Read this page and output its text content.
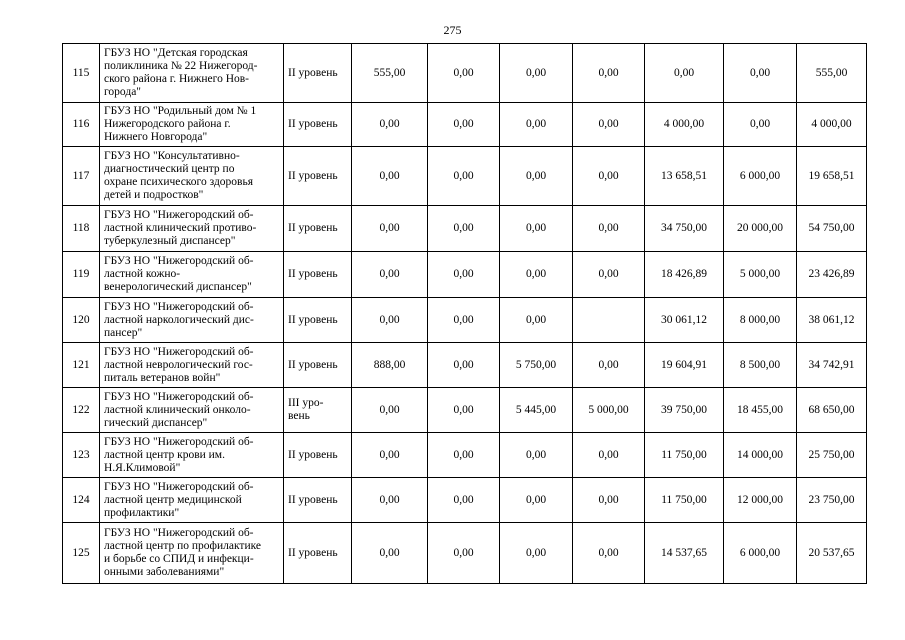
275
115	ГБУЗ НО "Детская городская
поликлиника № 22 Нижегород-
ского района г. Нижнего Нов-
города"	II уровень	555,00	0,00	0,00	0,00	0,00	0,00	555,00
116	ГБУЗ НО "Родильный дом № 1
Нижегородского района г.
Нижнего Новгорода"	II уровень	0,00	0,00	0,00	0,00	4 000,00	0,00	4 000,00
117	ГБУЗ НО "Консультативно-
диагностический центр по
охране психического здоровья
детей и подростков"	II уровень	0,00	0,00	0,00	0,00	13 658,51	6 000,00	19 658,51
118	ГБУЗ НО "Нижегородский об-
ластной клинический противо-
туберкулезный диспансер"	II уровень	0,00	0,00	0,00	0,00	34 750,00	20 000,00	54 750,00
119	ГБУЗ НО "Нижегородский об-
ластной кожно-
венерологический диспансер"	II уровень	0,00	0,00	0,00	0,00	18 426,89	5 000,00	23 426,89
120	ГБУЗ НО "Нижегородский об-
ластной наркологический дис-
пансер"	II уровень	0,00	0,00	0,00		30 061,12	8 000,00	38 061,12
121	ГБУЗ НО "Нижегородский об-
ластной неврологический гос-
питаль ветеранов войн"	II уровень	888,00	0,00	5 750,00	0,00	19 604,91	8 500,00	34 742,91
122	ГБУЗ НО "Нижегородский об-
ластной клинический онколо-
гический диспансер"	III уро-
вень	0,00	0,00	5 445,00	5 000,00	39 750,00	18 455,00	68 650,00
123	ГБУЗ НО "Нижегородский об-
ластной центр крови им.
Н.Я.Климовой"	II уровень	0,00	0,00	0,00	0,00	11 750,00	14 000,00	25 750,00
124	ГБУЗ НО "Нижегородский об-
ластной центр медицинской
профилактики"	II уровень	0,00	0,00	0,00	0,00	11 750,00	12 000,00	23 750,00
125	ГБУЗ НО "Нижегородский об-
ластной центр по профилактике
и борьбе со СПИД и инфекци-
онными заболеваниями"	II уровень	0,00	0,00	0,00	0,00	14 537,65	6 000,00	20 537,65
